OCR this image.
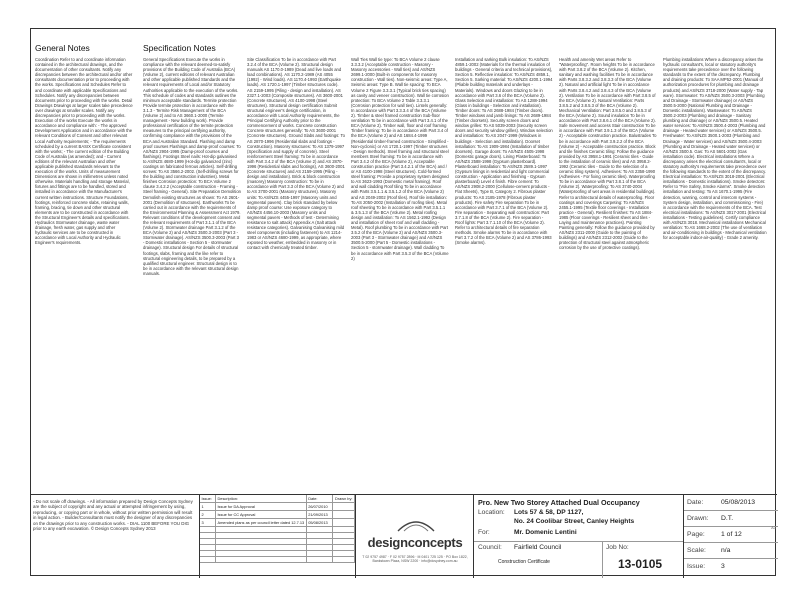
General Notes
Coordination Refer to and coordinate information contained in the architectural drawings, and the documentation of other consultants. Notify any discrepancies between the architectural and/or other consultants documentation prior to proceeding with the works. Specifications and Schedules Refer to and coordinate with applicable Specifications and Schedules. Notify any discrepancies between documents prior to proceeding with the works. Detail Drawings Drawings at larger scales take precedence over drawings at smaller scales. Notify any discrepancies prior to proceeding with the works. Execution of the works Execute the works in accordance and compliance with: - The approved Development Application and in accordance with the relevant Conditions of Consent and other relevant Local Authority requirements; - The requirements scheduled by a current BASIX Certificate consistent with the works; - The current edition of the Building Code of Australia (as amended); and - Current editions of the relevant Australian and other applicable published standards relevant to the execution of the works. Units of measurement Dimensions are shown in millimetres unless noted otherwise. Materials handling and storage Material, fixtures and fittings are to be handled, stored and installed in accordance with the Manufacturer's current written instructions. Structure Foundations, footings, reinforced concrete slabs, retaining walls, framing, bracing, tie down and other structural elements are to be constructed in accordance with the Structural Engineer's details and specifications. Hydraulics Stormwater drainage, waste water drainage, fresh water, gas supply and other hydraulic services are to be constructed in accordance with Local Authority and Hydraulic Engineer's requirements.
Specification Notes
General Specifications Execute the works in compliance with the relevant deemed-to-satisfy provisions of the Building Code of Australia (BCA) (Volume 2), current editions of relevant Australian and other applicable published Standards and the relevant requirements of Local and/or Statutory Authorities applicable to the execution of the works. This schedule of codes and standards outlines the minimum acceptable standards. Termite protection Provide termite protection in accordance with the 3.1.3 - Termite Risk Management of the BCA (Volume 2) and to AS 3660.1-2000 (Termite management - New building work). Provide professional certification of the termite protection measures to the principal certifying authority, confirming compliance with the provisions of the BCA and Australian Standard. Flashing and damp proof courses Flashings and damp-proof courses: To AS/NZS 2904-1995 (Damp-proof courses and flashings). Footings Steel nails: Hot-dip galvanised to AS/NZS 4680-1999 (Hot-dip galvanized (zinc) coatings on fabricated ferrous articles). Self-drilling screws: To AS 3566.2-2002. (Self-drilling screws for the building and construction industries). Metal finishes Corrosion protection: To BCA Volume 2 clause 3.4.2.2 (Acceptable construction - Framing - Steel framing - General). Site Preparation Demolition Demolish existing structures as shown: To AS 2601-2001 (Demolition of structures). Earthworks To be carried out in accordance with the requirements of the Environmental Planning & Assessment Act 1979. Relevant conditions of the development consent and the relevant requirements of Part 3.1.1 of the BCA (Volume 2). Stormwater drainage Part 3.1.2 of the BCA (Volume 2) and AS/NZS 3500.3-2003 (Part 3 - Stormwater drainage). AS/NZS 3500.3-2003 (Part 3 - Domestic installations - Section 5 - stormwater drainage). Structural design For details of structural footings, slabs, framing and the like refer to structural engineering details, to be prepared by a qualified structural engineer. Structural design is to be in accordance with the relevant structural design manuals.
Site Classification To be in accordance with Part 3.2.4 of the BCA (Volume 2). Structural design manuals AS 1170.0-1989 (Dead and live loads and load combinations). AS 1170.2-1989 (AS 4055 (1992) - Wind loads). AS 1170.4-1993 (Earthquake loads). AS 1720.1-1997 (Timber structures code). AS 2159-1995 (Piling - design and installation). AS 2327.1-2003 (Composite structures). AS 3600-2001 (Concrete structures). AS 4100-1998 (Steel structures). Structural design certification Submit structural engineer's design certification, in accordance with Local Authority requirements, the Principal Certifying Authority prior to the commencement of works. Concrete construction Concrete structures generally: To AS 3600-2001 (Concrete structures). Ground Slabs and footings: To AS 2870-1996 (Residential slabs and footings - Construction). Masonry structures: To AS 1379-1997 (Specification and supply of concrete). Steel reinforcement Steel framing: To be in accordance with Part 3.4.2 of the BCA (Volume 2) and AS 2870-1996 (Residential slabs and footings), AS 3600-2001 (Concrete structures) and AS 2159-1995 (Piling - design and installation). Brick & block construction (masonry) Masonry construction: To be in accordance with Part 3.3 of the BCA (Volume 2) and to AS 3700-2001 (Masonry structures). Masonry units: To AS/NZS 4455-1997 (Masonry units and segmental pavers). Clay brick standard by below damp proof course: Use exposure category to AS/NZS 4456.10-2003 (Masonry units and segmental pavers - Methods of test - Determining resistance to salt attack) Appendix A (Salt attack resistance categories). Galvanising Galvanising mild steel components (including fasteners) to AS 1214-1983 or AS/NZS 4680-1999, as appropriate, where exposed to weather, embedded in masonry or in contact with chemically treated timber.
Wall Ties Wall tie type: To BCA Volume 2 clause 3.3.3.2 (Acceptable construction - Masonry - Masonry accessories - Wall ties) and AS/NZS 2699.1-2000 (Built-in components for masonry construction - Wall ties). Non-seismic areas: Type A, Seismic areas: Type B. Wall tie spacing: To BCA Volume 2 Figure 3.3.3.1 (Typical brick ties spacing) as cavity and veneer construction). Wall tie corrosion protection: To BCA Volume 2 Table 3.3.3.1 (Corrosion protection for wall ties). Lintels generally: In accordance with Part 3.3.3.4 of the BCA (Volume 2). Timber & steel framed construction Sub-floor ventilation To be in accordance with Part 3.4.1 of the BCA (Volume 2). Timber wall, floor and roof framing Timber framing: To be in accordance with Part 3.4 of the BCA (Volume 2) and AS 1684.4-1999 (Residential timber-framed construction - Simplified - Non-cyclonic) or AS 1720.1-1997 (Timber structures - Design methods). Steel framing and structural steel members Steel framing: To be in accordance with Part 3.4.2 of the BCA (Volume 2), Acceptable construction practice (Part 3.4.2.1 of the BCA) and / or AS 4100-1998 (Steel structures). Cold-formed steel framing: Provide a proprietary system designed to AS 3623-1993 (Domestic metal framing). Roof and wall cladding Roof tiling To be in accordance with Parts 3.5.1.1 & 3.5.1.2 of the BCA (Volume 2) and AS 2049-2002 (Roof tiles). Roof tile installation: To AS 2050-2002 (Installation of roofing tiles). Metal roof sheeting To be in accordance with Part 3.5.1.1 & 3.5.1.3 of the BCA (Volume 2). Metal roofing design and installation: To AS 1562.1-1992 (Design and installation of sheet roof and wall cladding - Metal). Roof plumbing To be in accordance with Part 3.5.2 of the BCA (Volume 2) and AS/NZS 3500.3-2003 (Part 3 - Stormwater drainage) and AS/NZS 3500.5-2000 (Part 5 - Domestic installations - Section 5 - stormwater drainage). Wall cladding To be in accordance with Part 3.5.3 of the BCA (Volume 2)
Installation and sarking Bulk insulation: To AS/NZS 4859.1-2002 (Materials for the thermal insulation of buildings - General criteria and technical provisions), Section 5. Reflective insulation: To AS/NZS 4859.1, Section 5. Sarking material: To AS/NZS 4200.1-1994 (Pliable building materials and underlays - Materials). Windows and doors Glazing to be in accordance with Part 3.6 of the BCA (Volume 2). Glass Selection and installation: To AS 1288-1994 (Glass in buildings - Selection and installation). Timber doors: To AS 2688-1984 (Timber doors). Timber windows and jamb linings: To AS 2689-1984 (Timber doorsets). Security screen doors and window grilles: To AS 5039-2003 (Security screen doors and security window grilles). Window selection and installation: To AS 2047-1999 (Windows in buildings - Selection and installation). Doorset installation: To AS 1909-1984 (Installation of timber doorsets). Garage doors: To AS/NZS 4505-1998 (Domestic garage doors). Lining Plasterboard: To AS/NZS 2588-1998 (Gypsum plasterboard). Plasterboard installation: To AS/NZS 2589.1-1997 (Gypsum linings in residential and light commercial construction - Application and finishing - Gypsum plasterboard) Level 4 finish. Fibre cement: To AS/NZS 2908.2-2000 (Cellulose-cement products - Flat Sheets), Type B, Category 2. Fibrous plaster products: To AS 2185-1978 (Fibrous plaster products). Fire safety Fire separation To be in accordance with Part 3.7.1 of the BCA (Volume 2). Fire separation - Separating wall construction: Part 3.7.1.8 of the BCA (Volume 2). Fire separation - Roof lights: Part 3.7.1.10 of the BCA (Volume 2). Refer to architectural details of fire separation methods. Smoke alarms To be in accordance with Part 3.7.2 of the BCA (Volume 2) and AS 3786-1993 (Smoke alarms).
Health and amenity Wet areas Refer to "Waterproofing". Room heights To be in accordance with Part 3.8.2 of the BCA (Volume 2). Kitchen, sanitary and washing facilities To be in accordance with Parts 3.8.3.2 and 3.8.3.3 of the BCA (Volume 2). Natural and artificial light To be in accordance with Parts 3.8.4.2 and 3.8.4.3 of the BCA (Volume 2). Ventilation To be in accordance with Part 3.8.5 of the BCA (Volume 2). Natural Ventilation: Parts 3.8.5.2 and 3.8.5.3 of the BCA (Volume 2). Mechanical Ventilation: Part 3.8.5.0 and 3.8.5.3 of the BCA (Volume 2). Sound insulation To be in accordance with Part 3.8.6.1 of the BCA (Volume 2). Safe movement and access Stair construction To be in accordance with Part 3.9.1.3 of the BCA (Volume 2) - Acceptable construction practice. Balustrades To be in accordance with Part 3.9.2.2 of the BCA (Volume 2) - Acceptable construction practice. Block and tile finishes Ceramic tiling: Follow the guidance provided by AS 3958.1-1991 (Ceramic tiles - Guide to the installation of ceramic tiles) and AS 3958.2-1992 (Ceramic tiles - Guide to the selection of a ceramic tiling system). Adhesives: To AS 2358-1990 (Adhesives - For fixing ceramic tiles). Waterproofing To be in accordance with Part 3.8.1 of the BCA (Volume 2). Waterproofing: To AS 3740-2004 (Waterproofing of wet areas in residential buildings). Refer to architectural details of waterproofing. Floor coatings and coverings Carpeting: To AS/NZS 2455.1-1995 (Textile floor coverings - Installation practice - General). Resilient finishes: To AS 1884-1985 (Floor coverings - Resilient sheet and tiles - Laying and maintenance practices). Painting Painting generally: Follow the guidance provided by AS/NZS 2311-2000 (Guide to the painting of buildings) and AS/NZS 2312-2002 (Guide to the protection of structural steel against atmospheric corrosion by the use of protective coatings).
Plumbing installations Where a discrepancy arises the hydraulic consultant's, local or statutory authority's requirements take precedence over the following standards to the extent of the discrepancy. Plumbing and draining products: To SAA MP52-2001 (Manual of authorization procedures for plumbing and drainage products) and AS/NZS 3718-2000 (Water supply - Tap ware). Stormwater: To AS/NZS 3500.3-2003 (Plumbing and Drainage - Stormwater drainage) or AS/NZS 3500.5-2000 (National Plumbing and Drainage - Domestic installations). Wastewater: To AS/NZS 3500.2-2003 (Plumbing and drainage - Sanitary plumbing and drainage) or AS/NZS 3500.5. Heated water services: To AS/NZS 3500.4-2003 (Plumbing and drainage - Heated water services) or AS/NZS 3500.5. Freshwater: To AS/NZS 3500.1-2003 (Plumbing and Drainage - Water services) and AS/NZS 3500.4-2003 (Plumbing and Drainage - Heated water services) or AS/NZS 3500.5. Gas: To AS 5601-2002 (Gas installation code). Electrical installations Where a discrepancy arises the electrical consultant's, local or statutory authority's requirements take precedence over the following standards to the extent of the discrepancy. Electrical installation: To AS/NZS 3018-2001 (Electrical installations - Domestic installations). Smoke detectors: Refer to "Fire Safety, Smoke Alarms". Smoke detection installation and testing: To AS 1670.1-1995 (Fire detection, warning, control and intercom systems - System design, installation, and commissioning - Fire) in accordance with the requirements of the BCA. Test electrical installations: To AS/NZS 3017-2001 (Electrical installations - Testing guidelines). Certify compliance with AS/NZS 3018. Mechanical installations Mechanical ventilation: To AS 1668.2-2002 (The use of ventilation and air-conditioning in buildings - Mechanical ventilation for acceptable indoor-air-quality) - Grade 2 amenity.
- Do not scale off drawings. - All information prepared by Design Concepts Sydney are the subject of copyright and any actual or attempted infringement by using, reproducing, or copying part or in whole, without prior written permission will result in legal action. - Builder/Consultants must notify the designer of any discrepancies on the drawings prior to any construction works. - DIAL 1100 BEFORE YOU DIG prior to any earth excavation. © Design Concepts Sydney 2013
Issue:	Description:	Date:	Drawn by:
1	Issue for DA Approval	26/07/2010	
2	Issue for CC Approval	21/09/2013	
3	Amended plans as per council letter dated 12.7.13	05/08/2013	

designconcepts
T 02 9757 4987 · F 02 9757 2896 · M 0401 725 125 · PO Box 1822, Bankstown Plaza, NSW 2200 · info@dcsydney.com.au
Pro. New Two Storey Attached Dual Occupancy
Location: Lots 57 & 58, DP 1127,
No. 24 Coolibar Street, Canley Heights
For:	Mr. Domenic Lentini
Council: Fairfield Council	Job No:
Construction Certificate	13-0105
Date:	05/08/2013
Drawn: D.T.
Page: 1 of 12
A3
Scale: n/a
Issue: 3
